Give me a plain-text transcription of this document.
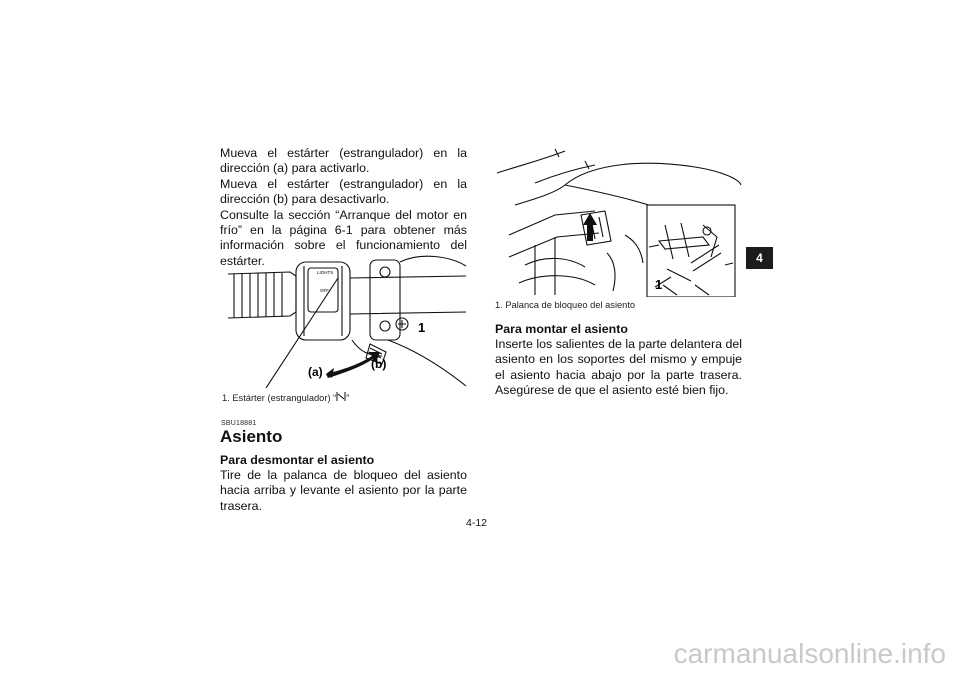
Mueva el estárter (estrangulador) en la dirección (a) para activarlo.

Mueva el estárter (estrangulador) en la dirección (b) para desactivarlo.

Consulte la sección “Arranque del motor en frío” en la página 6-1 para obtener más información sobre el funcionamiento del estárter.

LIGHTS
OFF
1
(a)
(b)
1. Estárter (estrangulador) “ ”
SBU18881
Asiento
Para desmontar el asiento
Tire de la palanca de bloqueo del asiento hacia arriba y levante el asiento por la parte trasera.
1
1. Palanca de bloqueo del asiento
Para montar el asiento
Inserte los salientes de la parte delantera del asiento en los soportes del mismo y empuje el asiento hacia abajo por la parte trasera. Asegúrese de que el asiento esté bien fijo.
4
4-12
carmanualsonline.info
